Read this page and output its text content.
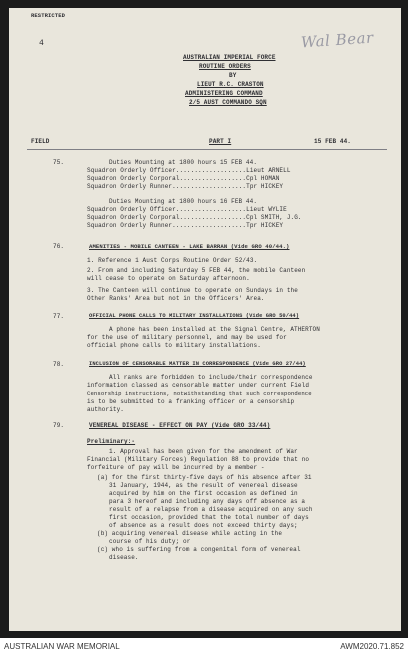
RESTRICTED
4	Wal Bear
AUSTRALIAN IMPERIAL FORCE
ROUTINE ORDERS
BY
LIEUT R.C. CRASTON
ADMINISTERING COMMAND
2/5 AUST COMMANDO SQN
FIELD	PART I	15 FEB 44.
75.	Duties Mounting at 1800 hours 15 FEB 44.
Squadron Orderly Officer...................Lieut ARNELL
Squadron Orderly Corporal..................Cpl HOMAN
Squadron Orderly Runner....................Tpr HICKEY
Duties Mounting at 1800 hours 16 FEB 44.
Squadron Orderly Officer...................Lieut WYLIE
Squadron Orderly Corporal..................Cpl SMITH, J.G.
Squadron Orderly Runner....................Tpr HICKEY
76.	AMENITIES - MOBILE CANTEEN - LAKE BARRAN (Vide GRO 40/44.)
1. Reference 1 Aust Corps Routine Order 52/43.
2. From and including Saturday 5 FEB 44, the mobile Canteen
will cease to operate on Saturday afternoon.
3. The Canteen will continue to operate on Sundays in the
Other Ranks' Area but not in the Officers' Area.
77.	OFFICIAL PHONE CALLS TO MILITARY INSTALLATIONS (Vide GRO 50/44)
A phone has been installed at the Signal Centre, ATHERTON
for the use of military personnel, and may be used for
official phone calls to military installations.
78.	INCLUSION OF CENSORABLE MATTER IN CORRESPONDENCE (Vide GRO 27/44)
All ranks are forbidden to include/their correspondence
information classed as censorable matter under current Field
Censorship instructions, notwithstanding that such correspondence
is to be submitted to a franking officer or a censorship
authority.
79.	VENEREAL DISEASE - EFFECT ON PAY (Vide GRO 33/44)
Preliminary:-
1. Approval has been given for the amendment of War
Financial (Military Forces) Regulation 88 to provide that no
forfeiture of pay will be incurred by a member -
(a) for the first thirty-five days of his absence after 31
31 January, 1944, as the result of venereal disease
acquired by him on the first occasion as defined in
para 3 hereof and including any days off absence as a
result of a relapse from a disease acquired on any such
first occasion, provided that the total number of days
of absence as a result does not exceed thirty days;
(b) acquiring venereal disease while acting in the
course of his duty; or
(c) who is suffering from a congenital form of venereal
disease.
AUSTRALIAN WAR MEMORIAL	AWM2020.71.852
